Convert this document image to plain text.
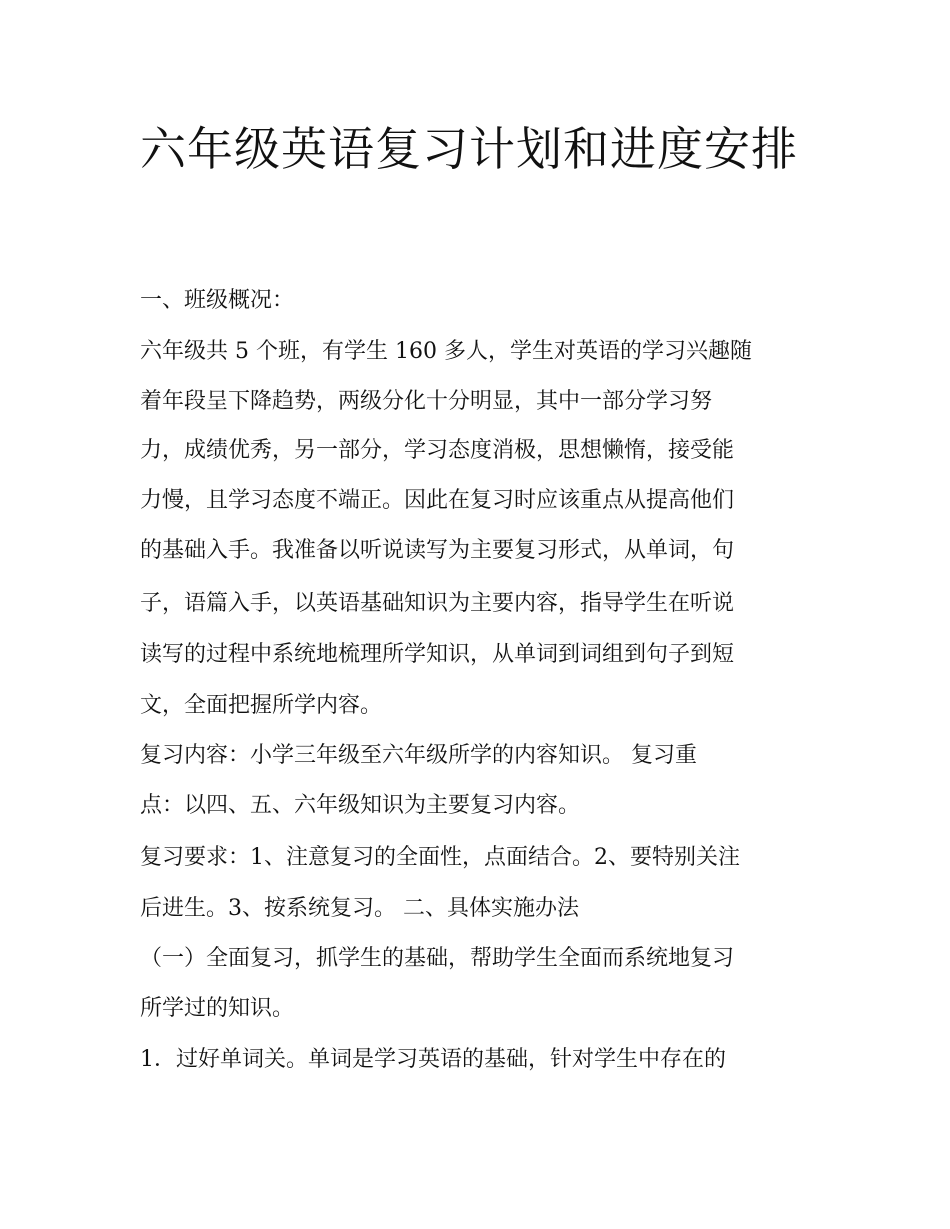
六年级英语复习计划和进度安排

一、班级概况：

六年级共 5 个班，有学生 160 多人，学生对英语的学习兴趣随

着年段呈下降趋势，两级分化十分明显，其中一部分学习努

力，成绩优秀，另一部分，学习态度消极，思想懒惰，接受能

力慢，且学习态度不端正。因此在复习时应该重点从提高他们

的基础入手。我准备以听说读写为主要复习形式，从单词，句

子，语篇入手，以英语基础知识为主要内容，指导学生在听说

读写的过程中系统地梳理所学知识，从单词到词组到句子到短

文，全面把握所学内容。

复习内容：小学三年级至六年级所学的内容知识。 复习重

点：以四、五、六年级知识为主要复习内容。

复习要求：1、注意复习的全面性，点面结合。2、要特别关注

后进生。3、按系统复习。 二、具体实施办法

（一）全面复习，抓学生的基础，帮助学生全面而系统地复习

所学过的知识。

1．过好单词关。单词是学习英语的基础，针对学生中存在的
